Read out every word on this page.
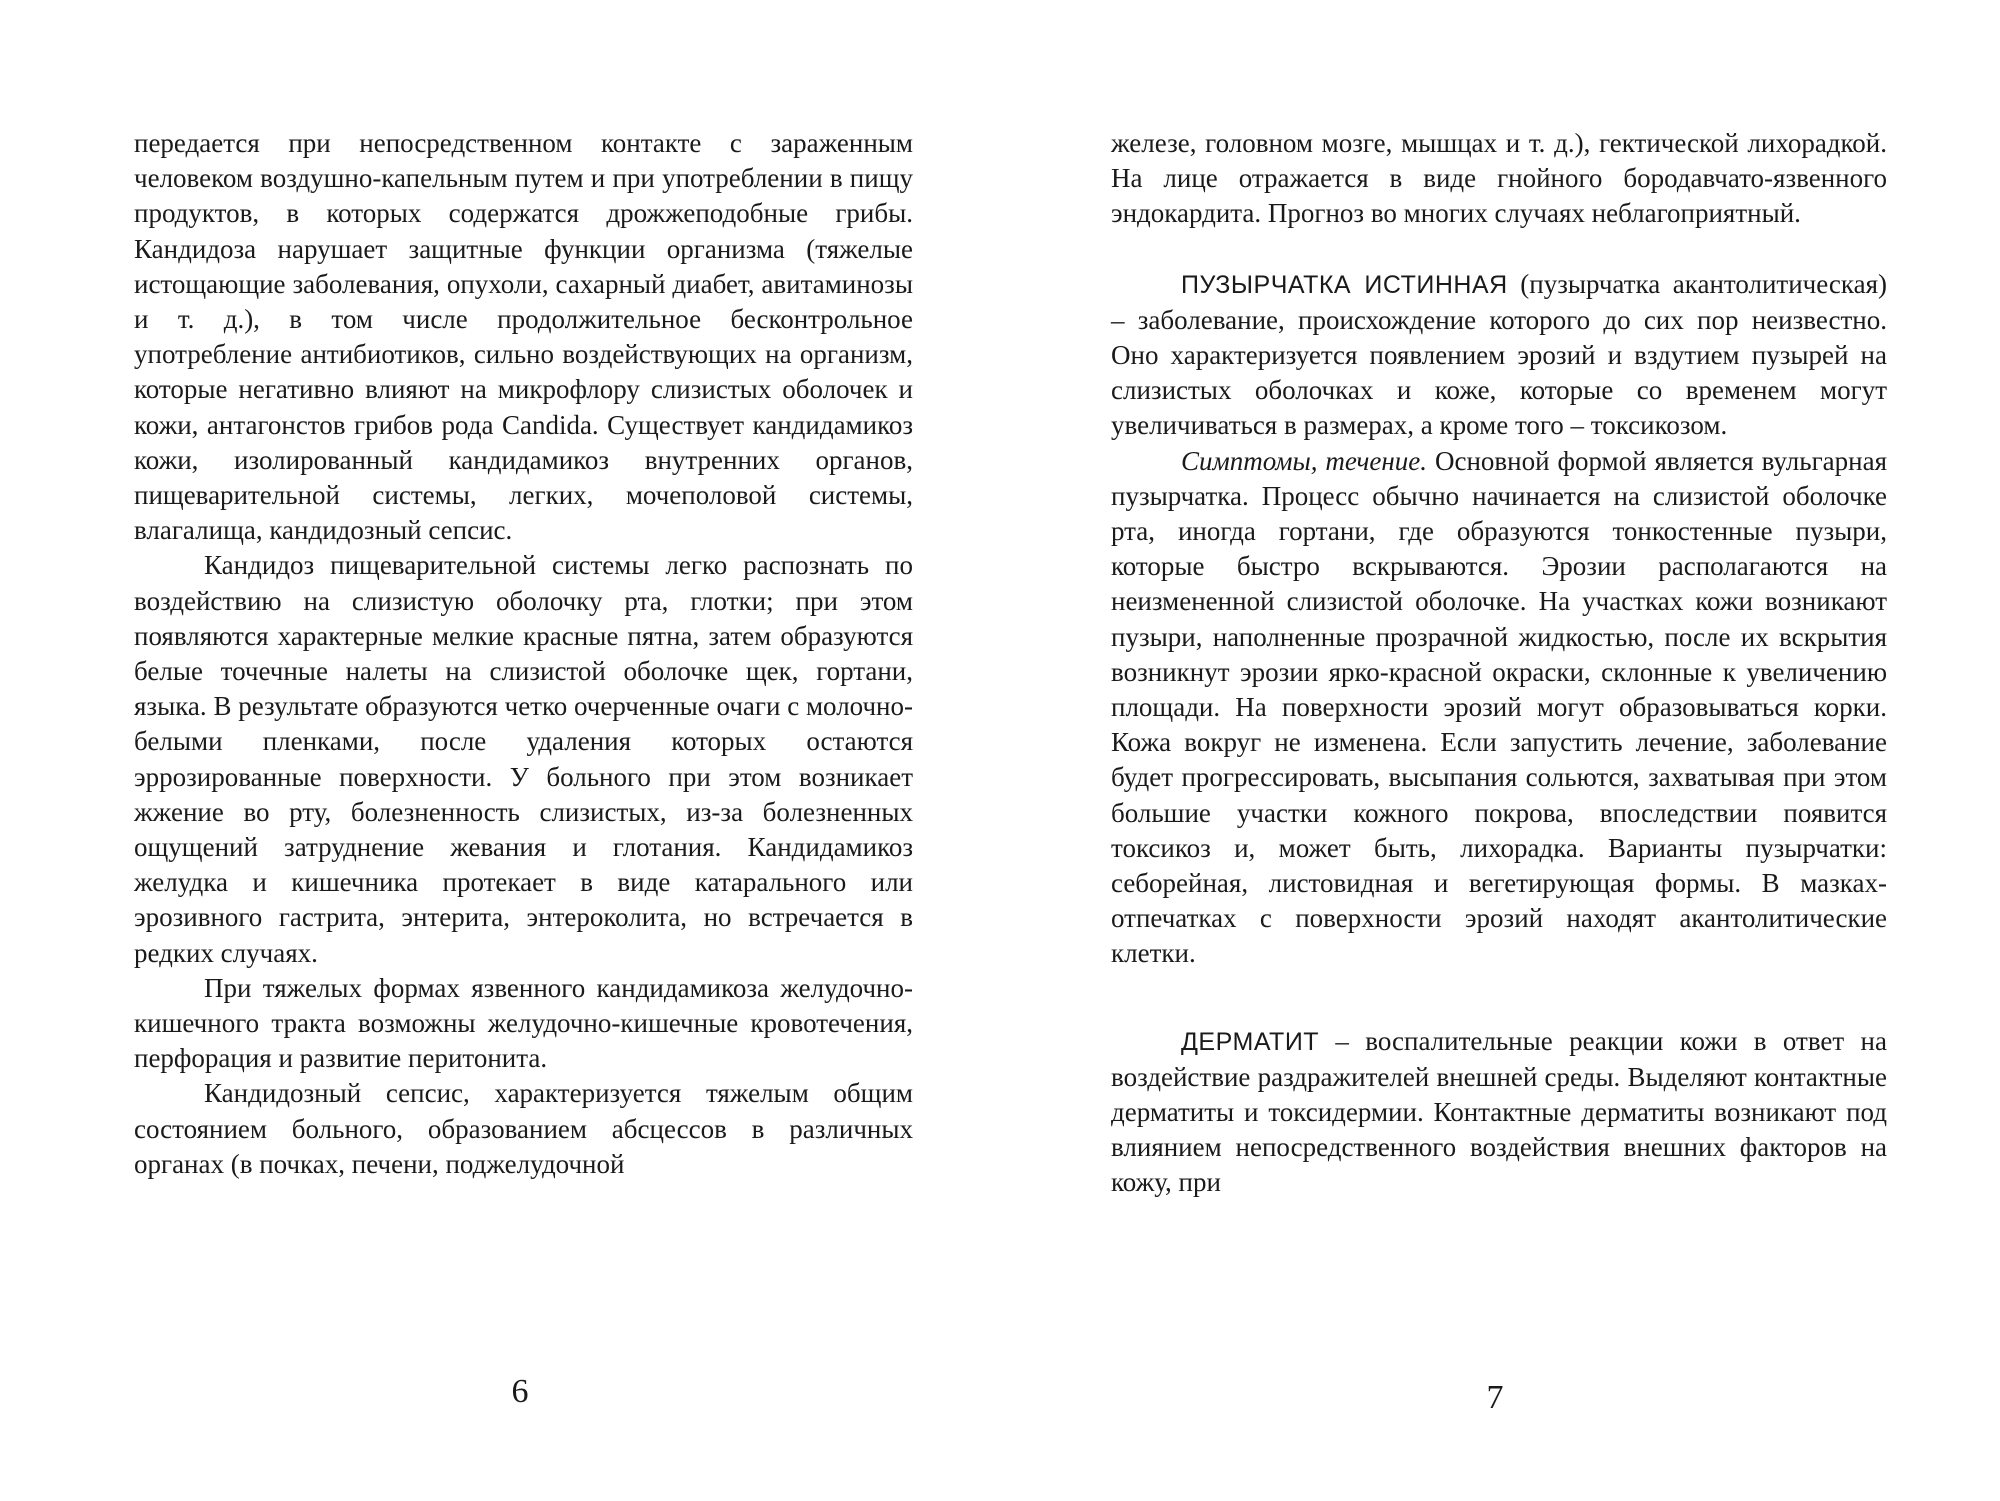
передается при непосредственном контакте с зараженным человеком воздушно-капельным путем и при употреблении в пищу продуктов, в которых содержатся дрожжеподобные грибы. Кандидоза нарушает защитные функции организма (тяжелые истощающие заболевания, опухоли, сахарный диабет, авитаминозы и т. д.), в том числе продолжительное бесконтрольное употребление антибиотиков, сильно воздействующих на организм, которые негативно влияют на микрофлору слизистых оболочек и кожи, антагонстов грибов рода Candida. Существует кандидамикоз кожи, изолированный кандидамикоз внутренних органов, пищеварительной системы, легких, мочеполовой системы, влагалища, кандидозный сепсис.

Кандидоз пищеварительной системы легко распознать по воздействию на слизистую оболочку рта, глотки; при этом появляются характерные мелкие красные пятна, затем образуются белые точечные налеты на слизистой оболочке щек, гортани, языка. В результате образуются четко очерченные очаги с молочно-белыми пленками, после удаления которых остаются эррозированные поверхности. У больного при этом возникает жжение во рту, болезненность слизистых, из-за болезненных ощущений затруднение жевания и глотания. Кандидамикоз желудка и кишечника протекает в виде катарального или эрозивного гастрита, энтерита, энтероколита, но встречается в редких случаях.

При тяжелых формах язвенного кандидамикоза желудочно-кишечного тракта возможны желудочно-кишечные кровотечения, перфорация и развитие перитонита.

Кандидозный сепсис, характеризуется тяжелым общим состоянием больного, образованием абсцессов в различных органах (в почках, печени, поджелудочной

6

железе, головном мозге, мышцах и т. д.), гектической лихорадкой. На лице отражается в виде гнойного бородавчато-язвенного эндокардита. Прогноз во многих случаях неблагоприятный.

ПУЗЫРЧАТКА ИСТИННАЯ (пузырчатка акантолитическая) – заболевание, происхождение которого до сих пор неизвестно. Оно характеризуется появлением эрозий и вздутием пузырей на слизистых оболочках и коже, которые со временем могут увеличиваться в размерах, а кроме того – токсикозом.

Симптомы, течение. Основной формой является вульгарная пузырчатка. Процесс обычно начинается на слизистой оболочке рта, иногда гортани, где образуются тонкостенные пузыри, которые быстро вскрываются. Эрозии располагаются на неизмененной слизистой оболочке. На участках кожи возникают пузыри, наполненные прозрачной жидкостью, после их вскрытия возникнут эрозии ярко-красной окраски, склонные к увеличению площади. На поверхности эрозий могут образовываться корки. Кожа вокруг не изменена. Если запустить лечение, заболевание будет прогрессировать, высыпания сольются, захватывая при этом большие участки кожного покрова, впоследствии появится токсикоз и, может быть, лихорадка. Варианты пузырчатки: себорейная, листовидная и вегетирующая формы. В мазках-отпечатках с поверхности эрозий находят акантолитические клетки.

ДЕРМАТИТ – воспалительные реакции кожи в ответ на воздействие раздражителей внешней среды. Выделяют контактные дерматиты и токсидермии. Контактные дерматиты возникают под влиянием непосредственного воздействия внешних факторов на кожу, при

7
